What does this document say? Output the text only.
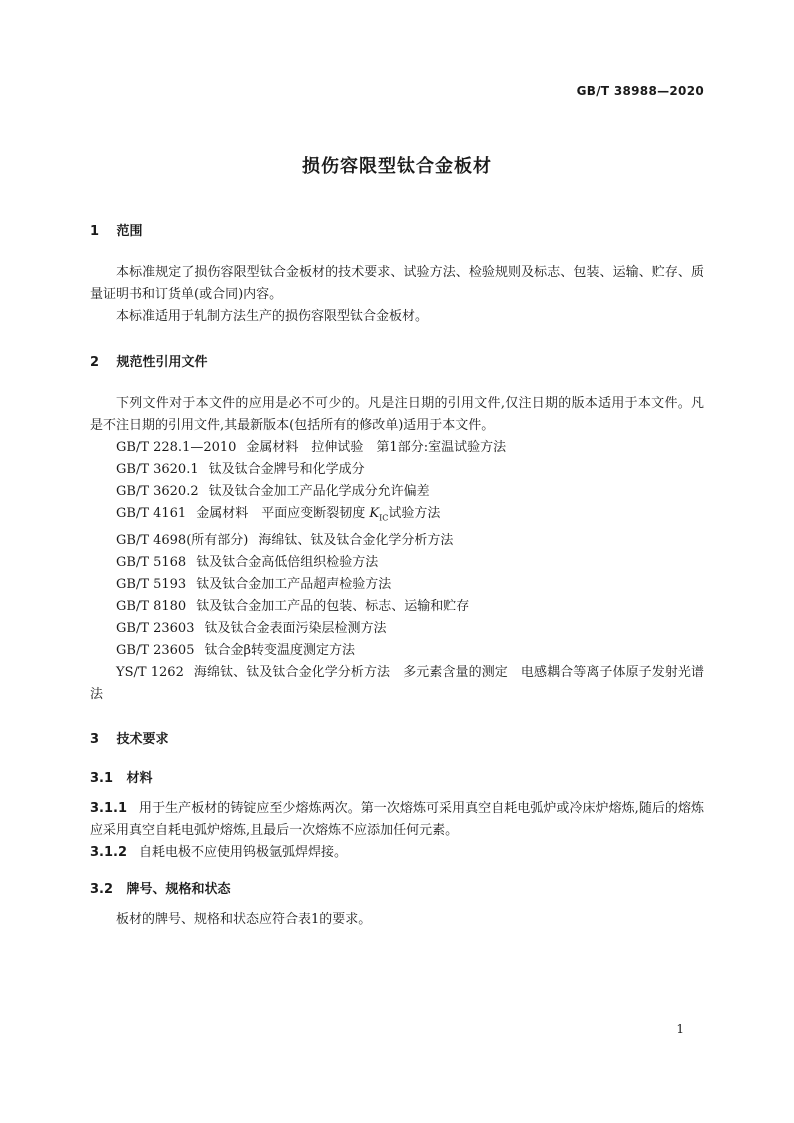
GB/T 38988—2020
损伤容限型钛合金板材
1 范围
本标准规定了损伤容限型钛合金板材的技术要求、试验方法、检验规则及标志、包装、运输、贮存、质量证明书和订货单(或合同)内容。
本标准适用于轧制方法生产的损伤容限型钛合金板材。
2 规范性引用文件
下列文件对于本文件的应用是必不可少的。凡是注日期的引用文件,仅注日期的版本适用于本文件。凡是不注日期的引用文件,其最新版本(包括所有的修改单)适用于本文件。
GB/T 228.1—2010 金属材料　拉伸试验　第1部分:室温试验方法
GB/T 3620.1 钛及钛合金牌号和化学成分
GB/T 3620.2 钛及钛合金加工产品化学成分允许偏差
GB/T 4161 金属材料　平面应变断裂韧度 $K_{IC}$试验方法
GB/T 4698(所有部分) 海绵钛、钛及钛合金化学分析方法
GB/T 5168 钛及钛合金高低倍组织检验方法
GB/T 5193 钛及钛合金加工产品超声检验方法
GB/T 8180 钛及钛合金加工产品的包装、标志、运输和贮存
GB/T 23603 钛及钛合金表面污染层检测方法
GB/T 23605 钛合金β转变温度测定方法
YS/T 1262 海绵钛、钛及钛合金化学分析方法　多元素含量的测定　电感耦合等离子体原子发射光谱法
3 技术要求
3.1 材料
3.1.1 用于生产板材的铸锭应至少熔炼两次。第一次熔炼可采用真空自耗电弧炉或冷床炉熔炼,随后的熔炼应采用真空自耗电弧炉熔炼,且最后一次熔炼不应添加任何元素。
3.1.2 自耗电极不应使用钨极氩弧焊焊接。
3.2 牌号、规格和状态
板材的牌号、规格和状态应符合表1的要求。
1
